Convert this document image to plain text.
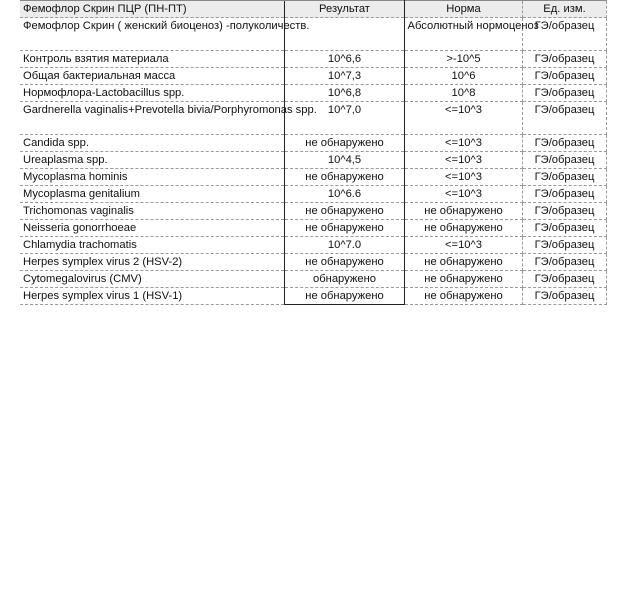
Фемофлор Скрин ПЦР (ПН-ПТ)	Результат	Норма	Ед. изм.
Фемофлор Скрин ( женский биоценоз) -полуколичеств.		Абсолютный нормоценоз	ГЭ/образец
Контроль взятия материала	10^6,6	>-10^5	ГЭ/образец
Общая бактериальная масса	10^7,3	10^6	ГЭ/образец
Нормофлора-Lactobacillus spp.	10^6,8	10^8	ГЭ/образец
Gardnerella vaginalis+Prevotella bivia/Porphyromonas spp.	10^7,0	<=10^3	ГЭ/образец
Candida spp.	не обнаружено	<=10^3	ГЭ/образец
Ureaplasma spp.	10^4,5	<=10^3	ГЭ/образец
Mycoplasma hominis	не обнаружено	<=10^3	ГЭ/образец
Mycoplasma genitalium	10^6.6	<=10^3	ГЭ/образец
Trichomonas vaginalis	не обнаружено	не обнаружено	ГЭ/образец
Neisseria gonorrhoeae	не обнаружено	не обнаружено	ГЭ/образец
Chlamydia trachomatis	10^7.0	<=10^3	ГЭ/образец
Herpes symplex virus 2 (HSV-2)	не обнаружено	не обнаружено	ГЭ/образец
Cytomegalovirus (CMV)	обнаружено	не обнаружено	ГЭ/образец
Herpes symplex virus 1 (HSV-1)	не обнаружено	не обнаружено	ГЭ/образец
